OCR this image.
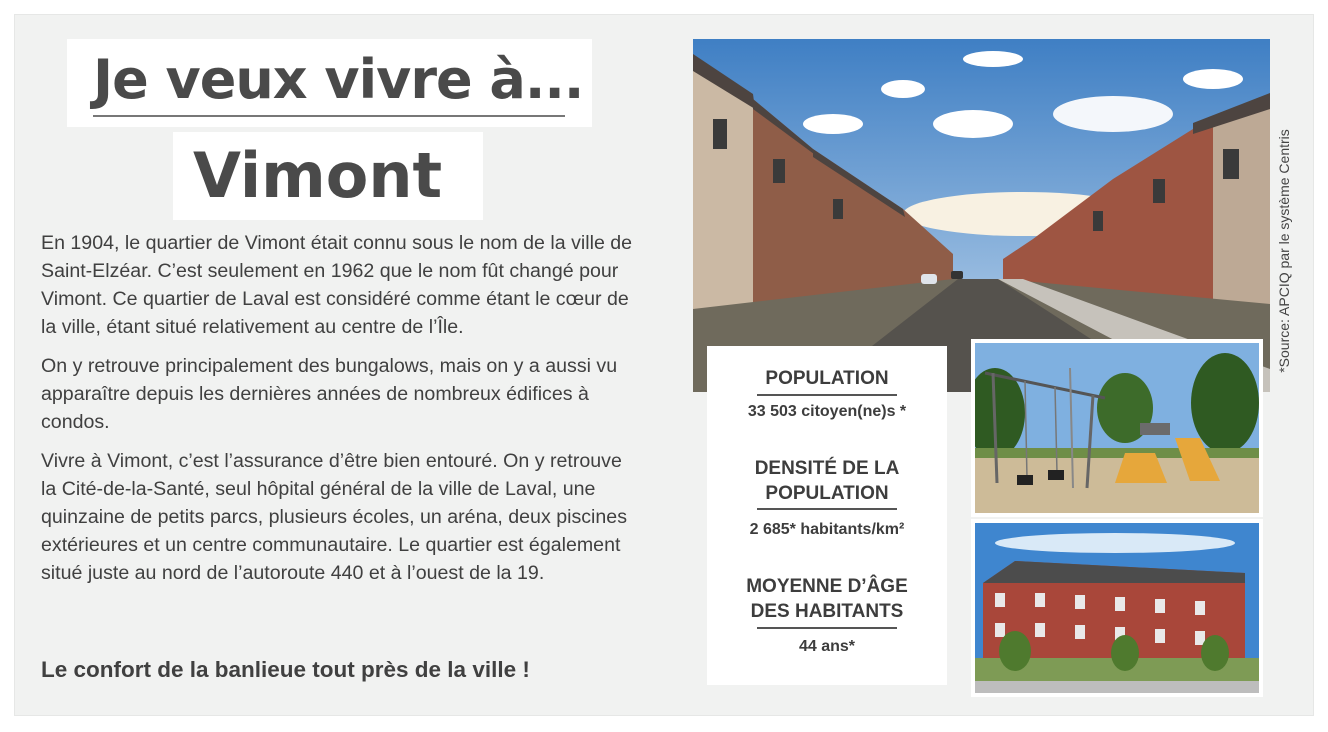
Je veux vivre à...
Vimont

En 1904, le quartier de Vimont était connu sous le nom de la ville de Saint-Elzéar. C’est seulement en 1962 que le nom fût changé pour Vimont. Ce quartier de Laval est considéré comme étant le cœur de la ville, étant situé relativement au centre de l’Île.

On y retrouve principalement des bungalows, mais on y a aussi vu apparaître depuis les dernières années de nombreux édifices à condos.

Vivre à Vimont, c’est l’assurance d’être bien entouré. On y retrouve la Cité-de-la-Santé, seul hôpital général de la ville de Laval, une quinzaine de petits parcs, plusieurs écoles, un aréna, deux piscines extérieures et un centre communautaire. Le quartier est également situé juste au nord de l’autoroute 440 et à l’ouest de la 19.

Le confort de la banlieue tout près de la ville !
POPULATION
33 503 citoyen(ne)s *
DENSITÉ DE LA
POPULATION
2 685* habitants/km²
MOYENNE D’ÂGE
DES HABITANTS
44 ans*
*Source: APCIQ par le système Centris
